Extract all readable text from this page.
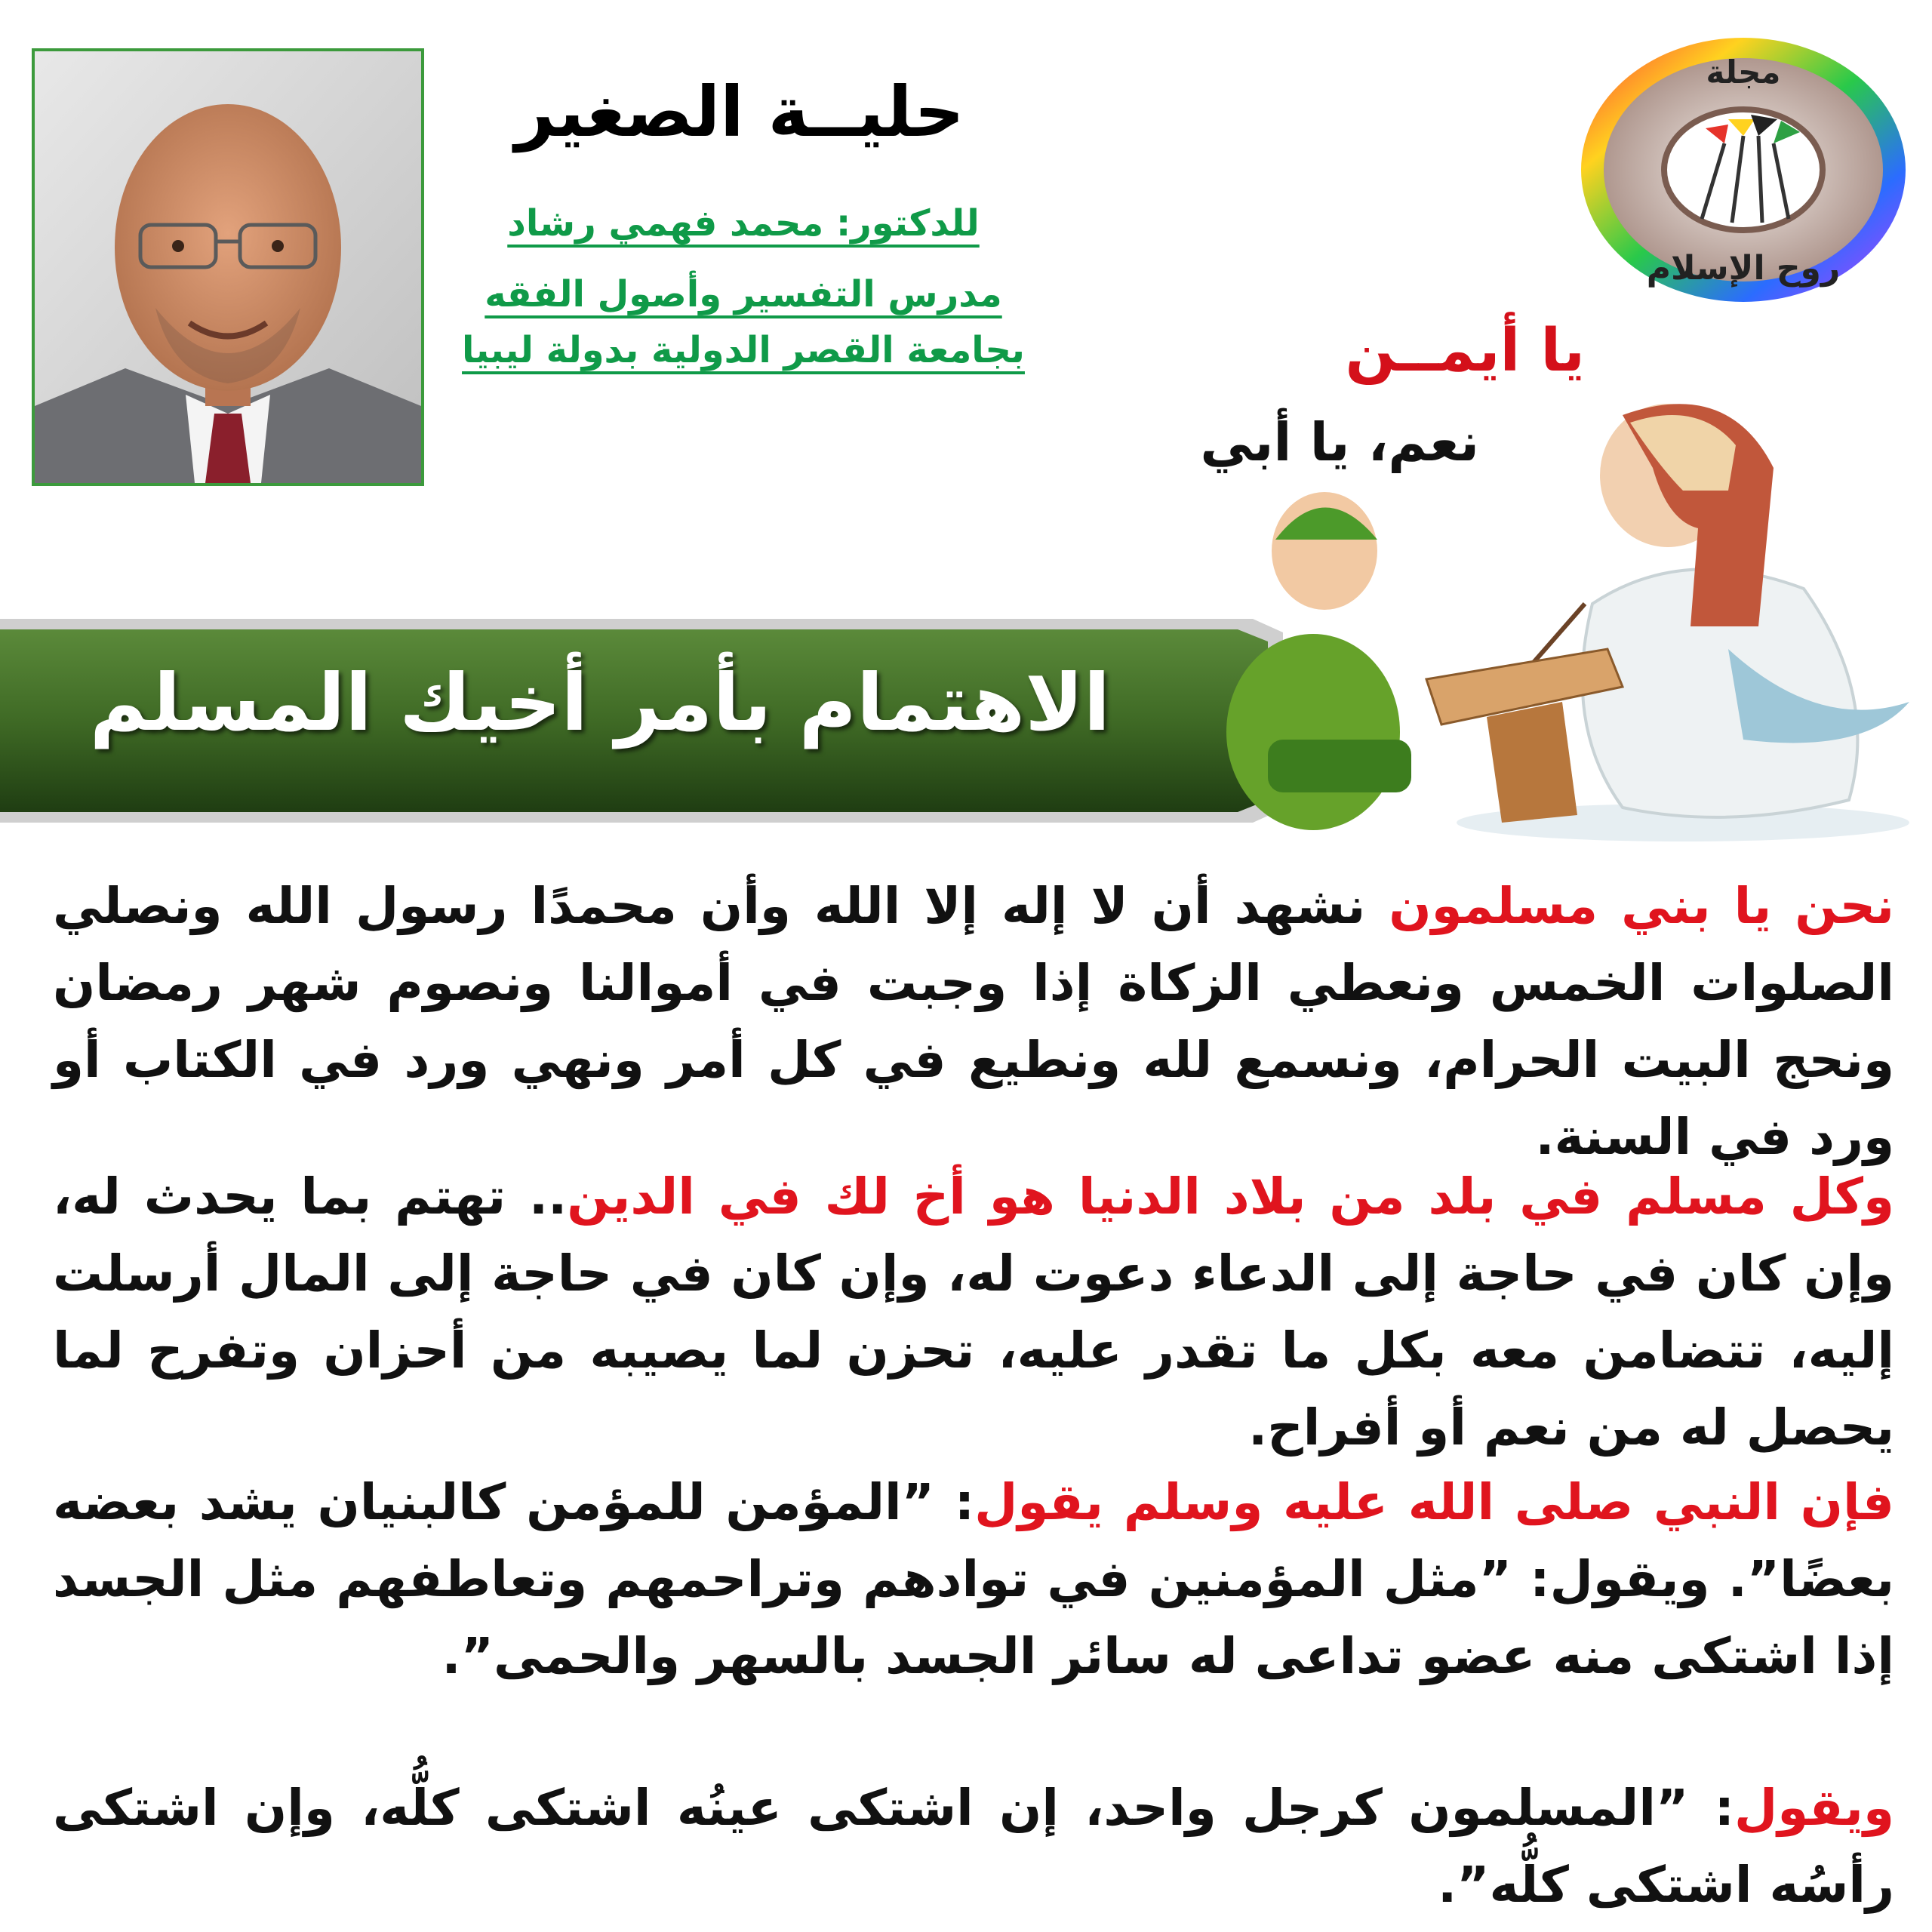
حليــة الصغير
للدكتور: محمد فهمي رشاد
مدرس التفسير وأصول الفقه
بجامعة القصر الدولية بدولة ليبيا
مجلة
روح الإسلام
يا أيمــن
نعم، يا أبي
الاهتمام بأمر أخيك المسلم
نحن يا بني مسلمون نشهد أن لا إله إلا الله وأن محمدًا رسول الله ونصلي الصلوات الخمس ونعطي الزكاة إذا وجبت في أموالنا ونصوم شهر رمضان ونحج البيت الحرام، ونسمع لله ونطيع في كل أمر ونهي ورد في الكتاب أو ورد في السنة.
وكل مسلم في بلد من بلاد الدنيا هو أخ لك في الدين.. تهتم بما يحدث له، وإن كان في حاجة إلى الدعاء دعوت له، وإن كان في حاجة إلى المال أرسلت إليه، تتضامن معه بكل ما تقدر عليه، تحزن لما يصيبه من أحزان وتفرح لما يحصل له من نعم أو أفراح.
فإن النبي صلى الله عليه وسلم يقول: ”المؤمن للمؤمن كالبنيان يشد بعضه بعضًا”. ويقول: ”مثل المؤمنين في توادهم وتراحمهم وتعاطفهم مثل الجسد إذا اشتكى منه عضو تداعى له سائر الجسد بالسهر والحمى”.
ويقول: ”المسلمون كرجل واحد، إن اشتكى عينُه اشتكى كلُّه، وإن اشتكى رأسُه اشتكى كلُّه”.
